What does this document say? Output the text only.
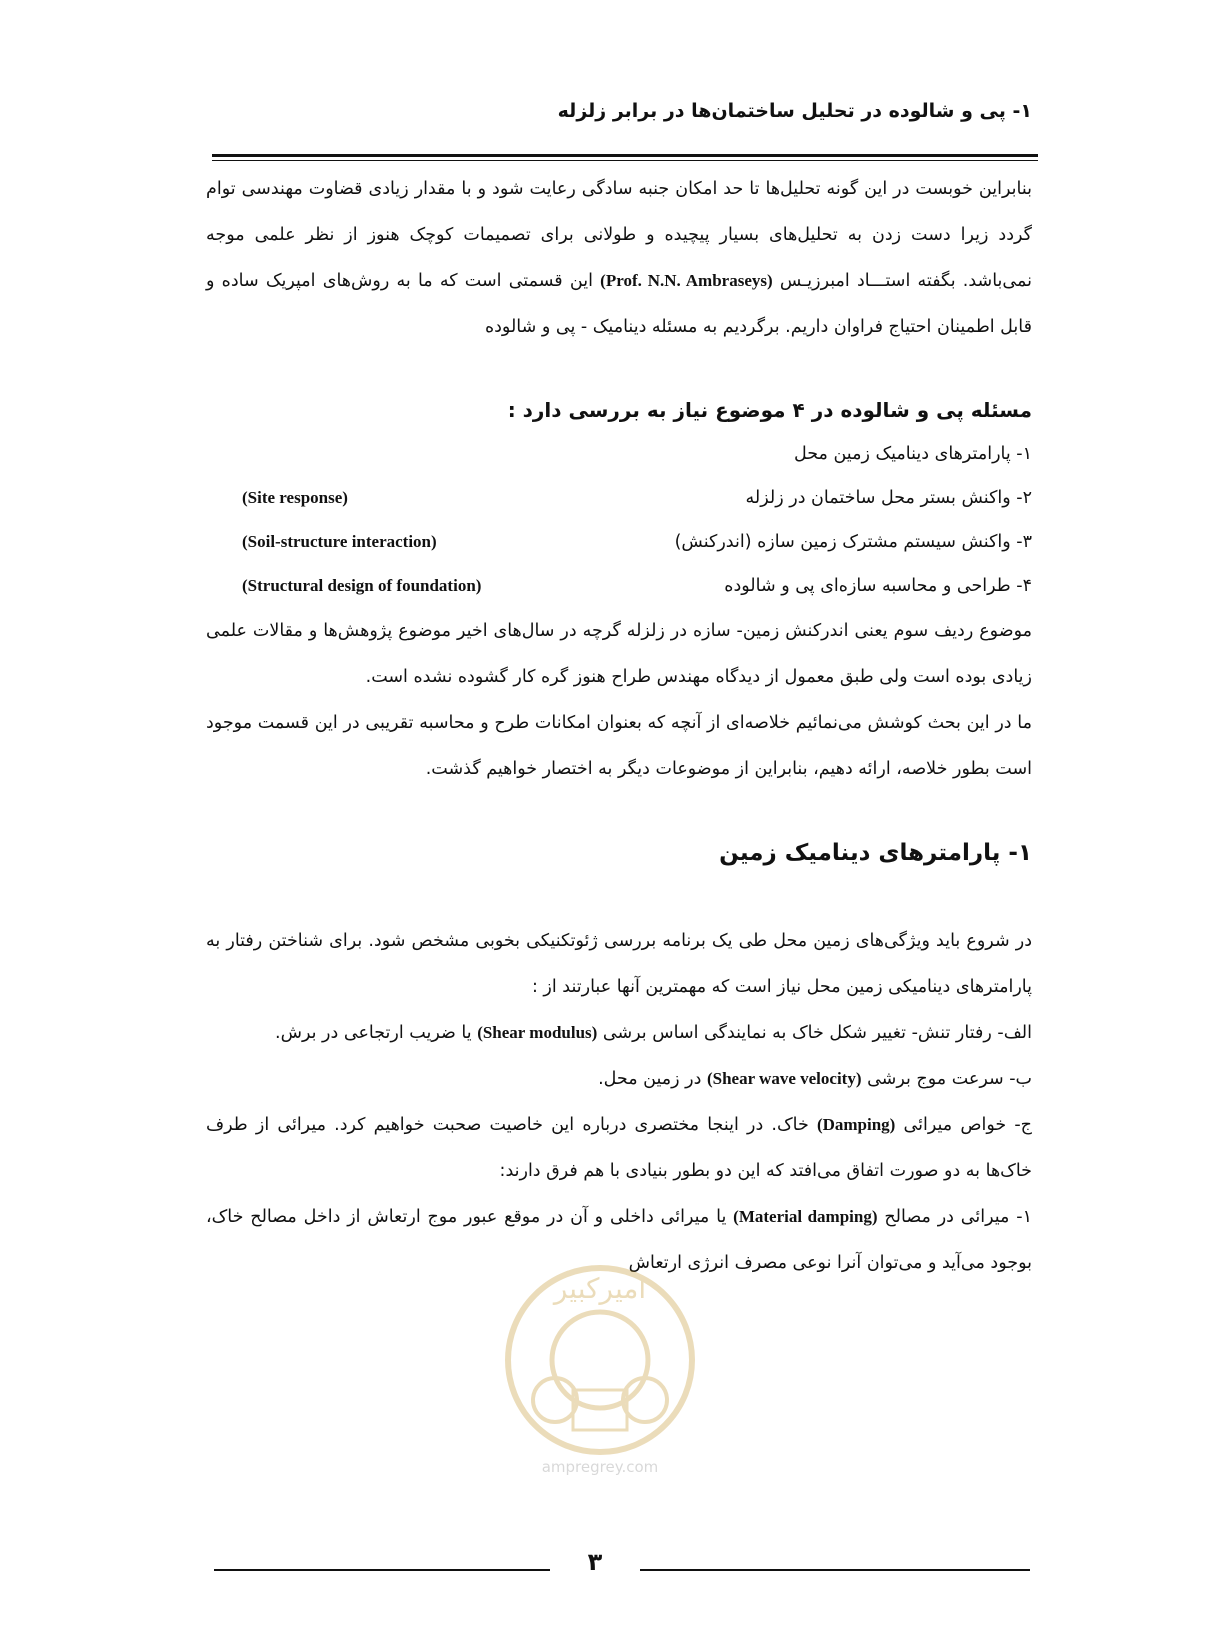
۱- پی و شالوده در تحلیل ساختمان‌ها در برابر زلزله

بنابراین خوبست در این گونه تحلیل‌ها تا حد امکان جنبه سادگی رعایت شود و با مقدار زیادی قضاوت مهندسی توام گردد زیرا دست زدن به تحلیل‌های بسیار پیچیده و طولانی برای تصمیمات کوچک هنوز از نظر علمی موجه نمی‌باشد. بگفته استـــاد امبرزیـس (Prof. N.N. Ambraseys) این قسمتی است که ما به روش‌های امپریک ساده و قابل اطمینان احتیاج فراوان داریم. برگردیم به مسئله دینامیک - پی و شالوده

مسئله پی و شالوده در ۴ موضوع نیاز به بررسی دارد :
۱- پارامترهای دینامیک زمین محل
۲- واکنش بستر محل ساختمان در زلزله
(Site response)
۳- واکنش سیستم مشترک زمین سازه (اندرکنش)
(Soil-structure interaction)
۴- طراحی و محاسبه سازه‌ای پی و شالوده
(Structural design of foundation)

موضوع ردیف سوم یعنی اندرکنش زمین- سازه در زلزله گرچه در سال‌های اخیر موضوع پژوهش‌ها و مقالات علمی زیادی بوده است ولی طبق معمول از دیدگاه مهندس طراح هنوز گره کار گشوده نشده است.

ما در این بحث کوشش می‌نمائیم خلاصه‌ای از آنچه که بعنوان امکانات طرح و محاسبه تقریبی در این قسمت موجود است بطور خلاصه، ارائه دهیم، بنابراین از موضوعات دیگر به اختصار خواهیم گذشت.

۱- پارامترهای دینامیک زمین

در شروع باید ویژگی‌های زمین محل طی یک برنامه بررسی ژئوتکنیکی بخوبی مشخص شود. برای شناختن رفتار به پارامترهای دینامیکی زمین محل نیاز است که مهمترین آنها عبارتند از :

الف- رفتار تنش- تغییر شکل خاک به نمایندگی اساس برشی (Shear modulus) یا ضریب ارتجاعی در برش.

ب- سرعت موج برشی (Shear wave velocity) در زمین محل.

ج- خواص میرائی (Damping) خاک. در اینجا مختصری درباره این خاصیت صحبت خواهیم کرد. میرائی از طرف خاک‌ها به دو صورت اتفاق می‌افتد که این دو بطور بنیادی با هم فرق دارند:

۱- میرائی در مصالح (Material damping) یا میرائی داخلی و آن در موقع عبور موج ارتعاش از داخل مصالح خاک، بوجود می‌آید و می‌توان آنرا نوعی مصرف انرژی ارتعاش

امیرکبیر
ampregrey.com
۳
